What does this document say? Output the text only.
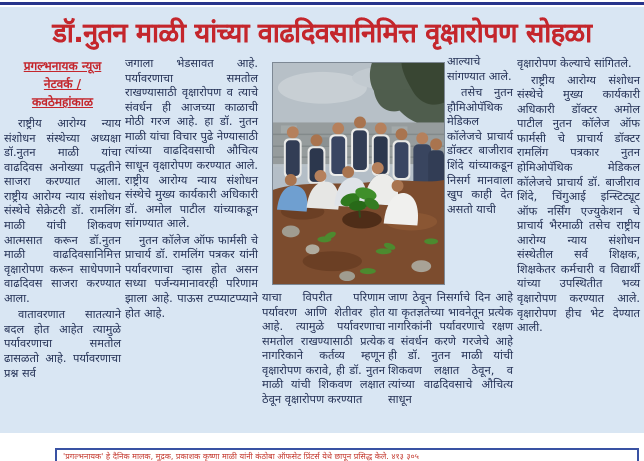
डॉ.नुतन माळी यांच्या वाढदिवसानिमित्त वृक्षारोपण सोहळा
प्रगल्भनायक न्यूज
नेटवर्क /
कवठेमहांकाळ

राष्ट्रीय आरोग्य न्याय संशोधन संस्थेच्या अध्यक्षा डॉ.नुतन माळी यांचा वाढदिवस अनोख्या पद्धतीने साजरा करण्यात आला. राष्ट्रीय आरोग्य न्याय संशोधन संस्थेचे सेक्रेटरी डॉ. रामलिंग माळी यांची शिकवण आत्मसात करून डॉ.नुतन माळी वाढदिवसानिमित्त वृक्षारोपण करून साधेपणाने वाढदिवस साजरा करण्यात आला.

वातावरणात सातत्याने बदल होत आहेत त्यामुळे पर्यावरणाचा समतोल ढासळतो आहे. पर्यावरणाचा प्रश्न सर्व

जगाला भेडसावत आहे. पर्यावरणाचा समतोल राखण्यासाठी वृक्षारोपण व त्याचे संवर्धन ही आजच्या काळाची मोठी गरज आहे. हा डॉ. नुतन माळी यांचा विचार पुढे नेण्यासाठी त्यांच्या वाढदिवसाची औचित्य साधून वृक्षारोपण करण्यात आले. राष्ट्रीय आरोग्य न्याय संशोधन संस्थेचे मुख्य कार्यकारी अधिकारी डॉ. अमोल पाटील यांच्याकडून सांगण्यात आले.

नुतन कॉलेज ऑफ फार्मसी चे प्राचार्य डॉ. रामलिंग पत्रकर यांनी पर्यावरणाचा ऱ्हास होत असन सध्या पर्जन्यमानावरही परिणाम झाला आहे. पाऊस टप्प्याटप्प्याने होत आहे.

आल्याचे सांगण्यात आले.

तसेच नुतन हौमिओपॅथिक मेडिकल कॉलेजचे प्राचार्य डॉक्टर बाजीराव शिंदे यांच्याकडून निसर्ग मानवाला खुप काही देत असतो याची

याचा विपरीत परिणाम पर्यावरण आणि शेतीवर होत आहे. त्यामुळे पर्यावरणाचा समतोल राखण्यासाठी प्रत्येक नागरिकाने कर्तव्य म्हणून वृक्षारोपण करावे, ही डॉ. नुतन माळी यांची शिकवण लक्षात ठेवून वृक्षारोपण करण्यात

जाण ठेवून निसर्गाचे दिन आहे या कृतज्ञतेच्या भावनेतून प्रत्येक नागरिकांनी पर्यावरणाचे रक्षण व संवर्धन करणे गरजेचे आहे ही डॉ. नुतन माळी यांची शिकवण लक्षात ठेवून, व त्यांच्या वाढदिवसाचे औचित्य साधून

वृक्षारोपण केल्याचे सांगितले.

राष्ट्रीय आरोग्य संशोधन संस्थेचे मुख्य कार्यकारी अधिकारी डॉक्टर अमोल पाटील नुतन कॉलेज ऑफ फार्मसी चे प्राचार्य डॉक्टर रामलिंग पत्रकार नुतन होमिओपॅथिक मेडिकल कॉलेजचे प्राचार्य डॉ. बाजीराव शिंदे, चिंगुआई इन्स्टिट्यूट ऑफ नर्सिंग एज्युकेशन चे प्राचार्य भैरमाळी तसेच राष्ट्रीय आरोग्य न्याय संशोधन संस्थेतील सर्व शिक्षक, शिक्षकेतर कर्मचारी व विद्यार्थी यांच्या उपस्थितीत भव्य वृक्षारोपण करण्यात आले. वृक्षारोपण हीच भेट देण्यात आली.

'प्रगल्भनायक' हे दैनिक मालक, मुद्रक, प्रकाशक कृष्णा माळी यांनी कंठोबा ऑफसेट प्रिंटर्स येथे छापून प्रसिद्ध केले. ४१३ ३०५
